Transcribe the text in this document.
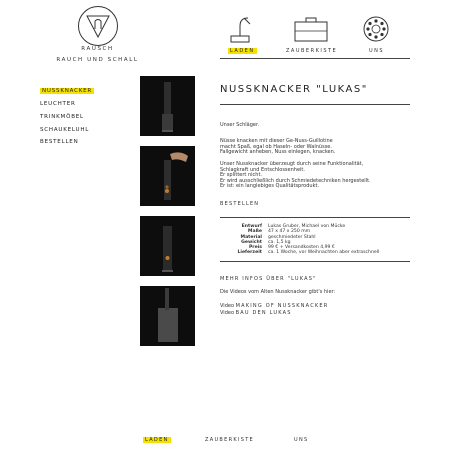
RAUSCH
RAUCH UND SCHALL
LADEN	ZAUBERKISTE	UNS
NUSSKNACKER
LEUCHTER
TRINKMÖBEL
SCHAUKELUHL
BESTELLEN
NUSSKNACKER "LUKAS"
Unser Schläger.
Nüsse knacken mit dieser Ge-Nuss-Guillotine
macht Spaß, egal ob Haseln- oder Walnüsse.
Fallgewicht anheben, Nuss einlegen, knacken.
Unser Nussknacker überzeugt durch seine Funktionalität,
Schlagkraft und Entschlossenheit.
Er splittert nicht.
Er wird ausschließlich durch Schmiedetechniken hergestellt.
Er ist: ein langlebiges Qualitätsprodukt.
BESTELLEN
Entwurf Lukas Gruber, Michael von Mücke
Maße 47 x 47 x 250 mm
Material geschmiedeter Stahl
Gewicht ca. 1,5 kg
Preis 99 € + Versandkosten 4,99 €
Lieferzeit ca. 1 Woche, vor Weihnachten aber extraschnell
MEHR INFOS ÜBER "LUKAS"
Die Videos vom Alten Nussknacker gibt's hier:
Video MAKING OF NUSSKNACKER
Video BAU DEN LUKAS
LADEN	ZAUBERKISTE	UNS
